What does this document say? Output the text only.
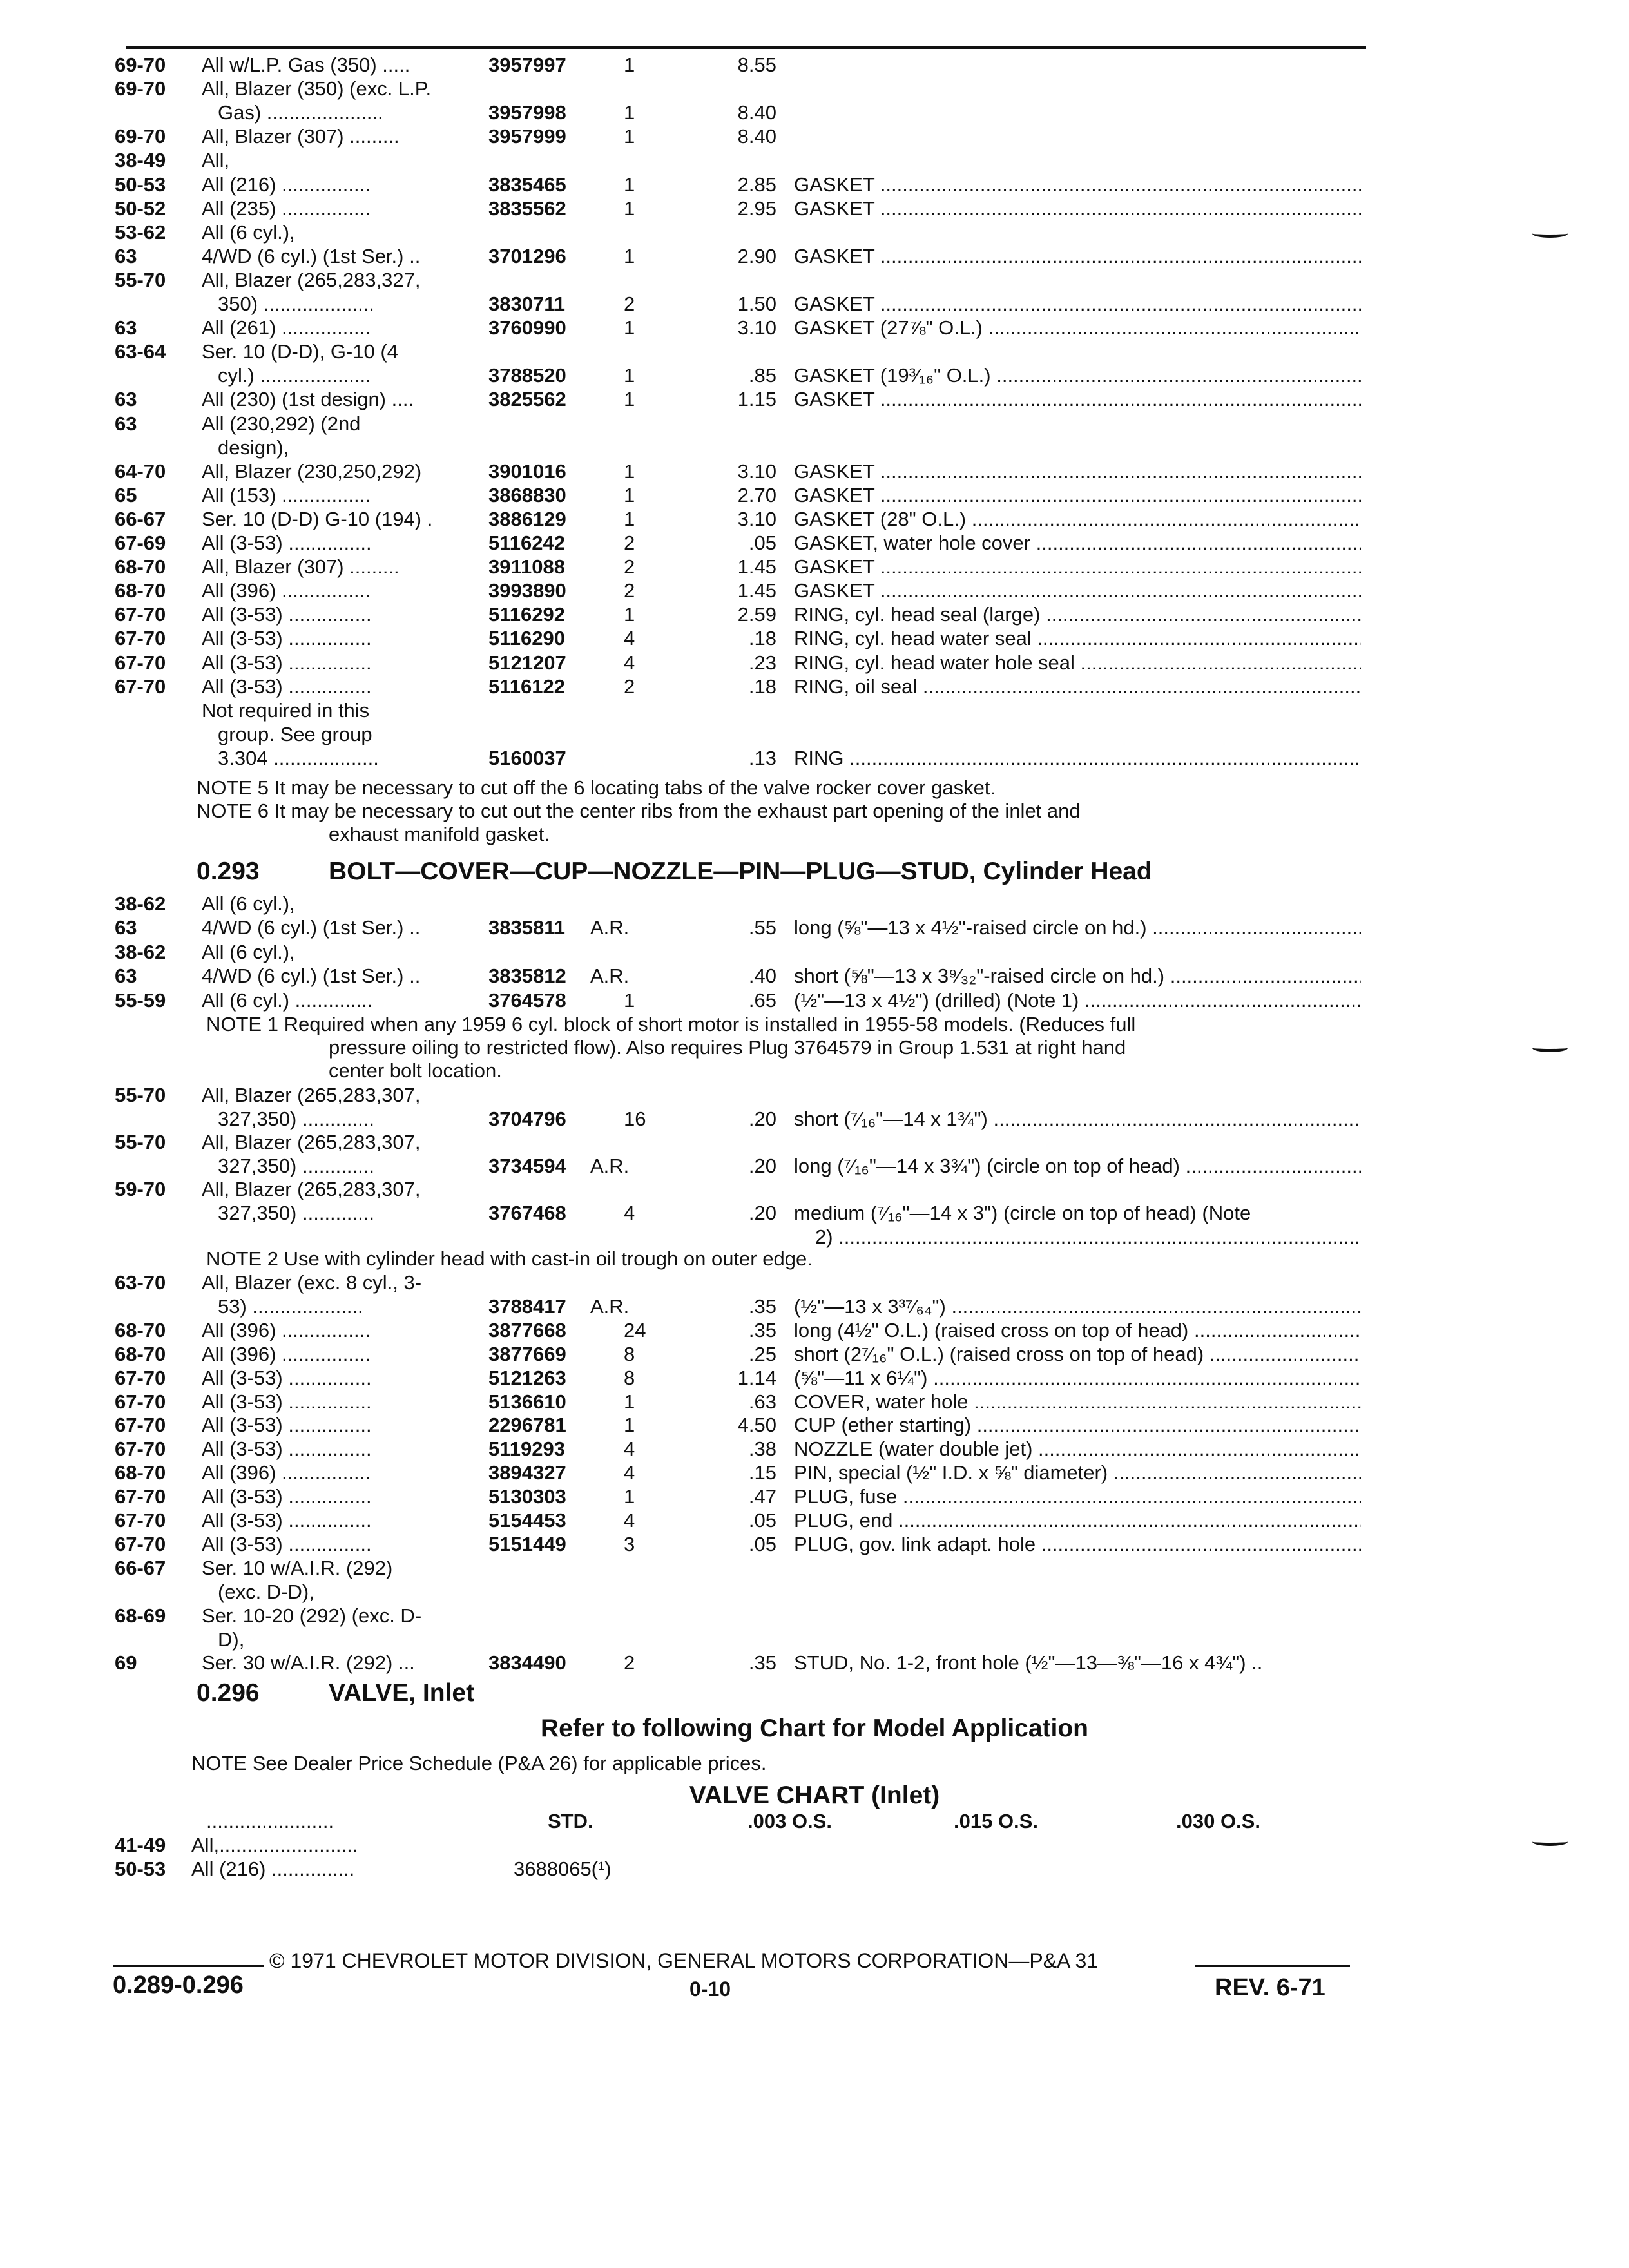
69-70 All w/L.P. Gas (350) .....	3957997	1	8.55
69-70 All, Blazer (350) (exc. L.P.
Gas) .....................	3957998	1	8.40
69-70 All, Blazer (307) .........	3957999	1	8.40
38-49 All,
50-53 All (216) ................	3835465	1	2.85 GASKET .....
50-52 All (235) ................	3835562	1	2.95 GASKET .....
53-62 All (6 cyl.),
63	4/WD (6 cyl.) (1st Ser.) ..	3701296	1	2.90 GASKET .....
55-70 All, Blazer (265,283,327,
350) ....................	3830711	2	1.50 GASKET .....
63	All (261) ................	3760990	1	3.10 GASKET (27⅞" O.L.) .....
63-64 Ser. 10 (D-D), G-10 (4
cyl.) ....................	3788520	1	.85 GASKET (19³⁄₁₆" O.L.) .....
63	All (230) (1st design) ....	3825562	1	1.15 GASKET .....
63	All (230,292) (2nd
design),
64-70 All, Blazer (230,250,292)	3901016	1	3.10 GASKET .....
65	All (153) ................	3868830	1	2.70 GASKET .....
66-67 Ser. 10 (D-D) G-10 (194) .	3886129	1	3.10 GASKET (28" O.L.) .....
67-69 All (3-53) ...............	5116242	2	.05 GASKET, water hole cover .....
68-70 All, Blazer (307) .........	3911088	2	1.45 GASKET .....
68-70 All (396) ................	3993890	2	1.45 GASKET .....
67-70 All (3-53) ...............	5116292	1	2.59 RING, cyl. head seal (large) .....
67-70 All (3-53) ...............	5116290	4	.18 RING, cyl. head water seal .....
67-70 All (3-53) ...............	5121207	4	.23 RING, cyl. head water hole seal .....
67-70 All (3-53) ...............	5116122	2	.18 RING, oil seal .....
Not required in this
group. See group
3.304 ...................	5160037	.13 RING .....
NOTE 5 It may be necessary to cut off the 6 locating tabs of the valve rocker cover gasket.
NOTE 6 It may be necessary to cut out the center ribs from the exhaust part opening of the inlet and
exhaust manifold gasket.
0.293	BOLT—COVER—CUP—NOZZLE—PIN—PLUG—STUD, Cylinder Head
38-62 All (6 cyl.),
63	4/WD (6 cyl.) (1st Ser.) ..	3835811 A.R.	.55 long (⅝"—13 x 4½"-raised circle on hd.) .....
38-62 All (6 cyl.),
63	4/WD (6 cyl.) (1st Ser.) ..	3835812 A.R.	.40 short (⅝"—13 x 3⁹⁄₃₂"-raised circle on hd.) .....
55-59 All (6 cyl.) ..............	3764578	1	.65 (½"—13 x 4½") (drilled) (Note 1) .....
NOTE 1 Required when any 1959 6 cyl. block of short motor is installed in 1955-58 models. (Reduces full
pressure oiling to restricted flow). Also requires Plug 3764579 in Group 1.531 at right hand
center bolt location.
55-70 All, Blazer (265,283,307,
327,350) .............	3704796	16	.20 short (⁷⁄₁₆"—14 x 1¾") .....
55-70 All, Blazer (265,283,307,
327,350) .............	3734594 A.R.	.20 long (⁷⁄₁₆"—14 x 3¾") (circle on top of head) .....
59-70 All, Blazer (265,283,307,
327,350) .............	3767468	4	.20 medium (⁷⁄₁₆"—14 x 3") (circle on top of head) (Note
2) .....
NOTE 2 Use with cylinder head with cast-in oil trough on outer edge.
63-70 All, Blazer (exc. 8 cyl., 3-
53) ....................	3788417 A.R.	.35 (½"—13 x 3³⁷⁄₆₄") .....
68-70 All (396) ................	3877668	24	.35 long (4½" O.L.) (raised cross on top of head) .....
68-70 All (396) ................	3877669	8	.25 short (2⁷⁄₁₆" O.L.) (raised cross on top of head) .....
67-70 All (3-53) ...............	5121263	8	1.14 (⅝"—11 x 6¼") .....
67-70 All (3-53) ...............	5136610	1	.63 COVER, water hole .....
67-70 All (3-53) ...............	2296781	1	4.50 CUP (ether starting) .....
67-70 All (3-53) ...............	5119293	4	.38 NOZZLE (water double jet) .....
68-70 All (396) ................	3894327	4	.15 PIN, special (½" I.D. x ⅝" diameter) .....
67-70 All (3-53) ...............	5130303	1	.47 PLUG, fuse .....
67-70 All (3-53) ...............	5154453	4	.05 PLUG, end .....
67-70 All (3-53) ...............	5151449	3	.05 PLUG, gov. link adapt. hole .....
66-67 Ser. 10 w/A.I.R. (292)
(exc. D-D),
68-69 Ser. 10-20 (292) (exc. D-
D),
69	Ser. 30 w/A.I.R. (292) ...	3834490	2	.35 STUD, No. 1-2, front hole (½"—13—⅜"—16 x 4¾") ..
0.296	VALVE, Inlet
Refer to following Chart for Model Application
NOTE See Dealer Price Schedule (P&A 26) for applicable prices.
VALVE CHART (Inlet)
.......................	STD.	.003 O.S.	.015 O.S.	.030 O.S.
41-49 All,.........................
50-53 All (216) ...............	3688065(¹)
© 1971 CHEVROLET MOTOR DIVISION, GENERAL MOTORS CORPORATION—P&A 31
0.289-0.296	0-10	REV. 6-71
